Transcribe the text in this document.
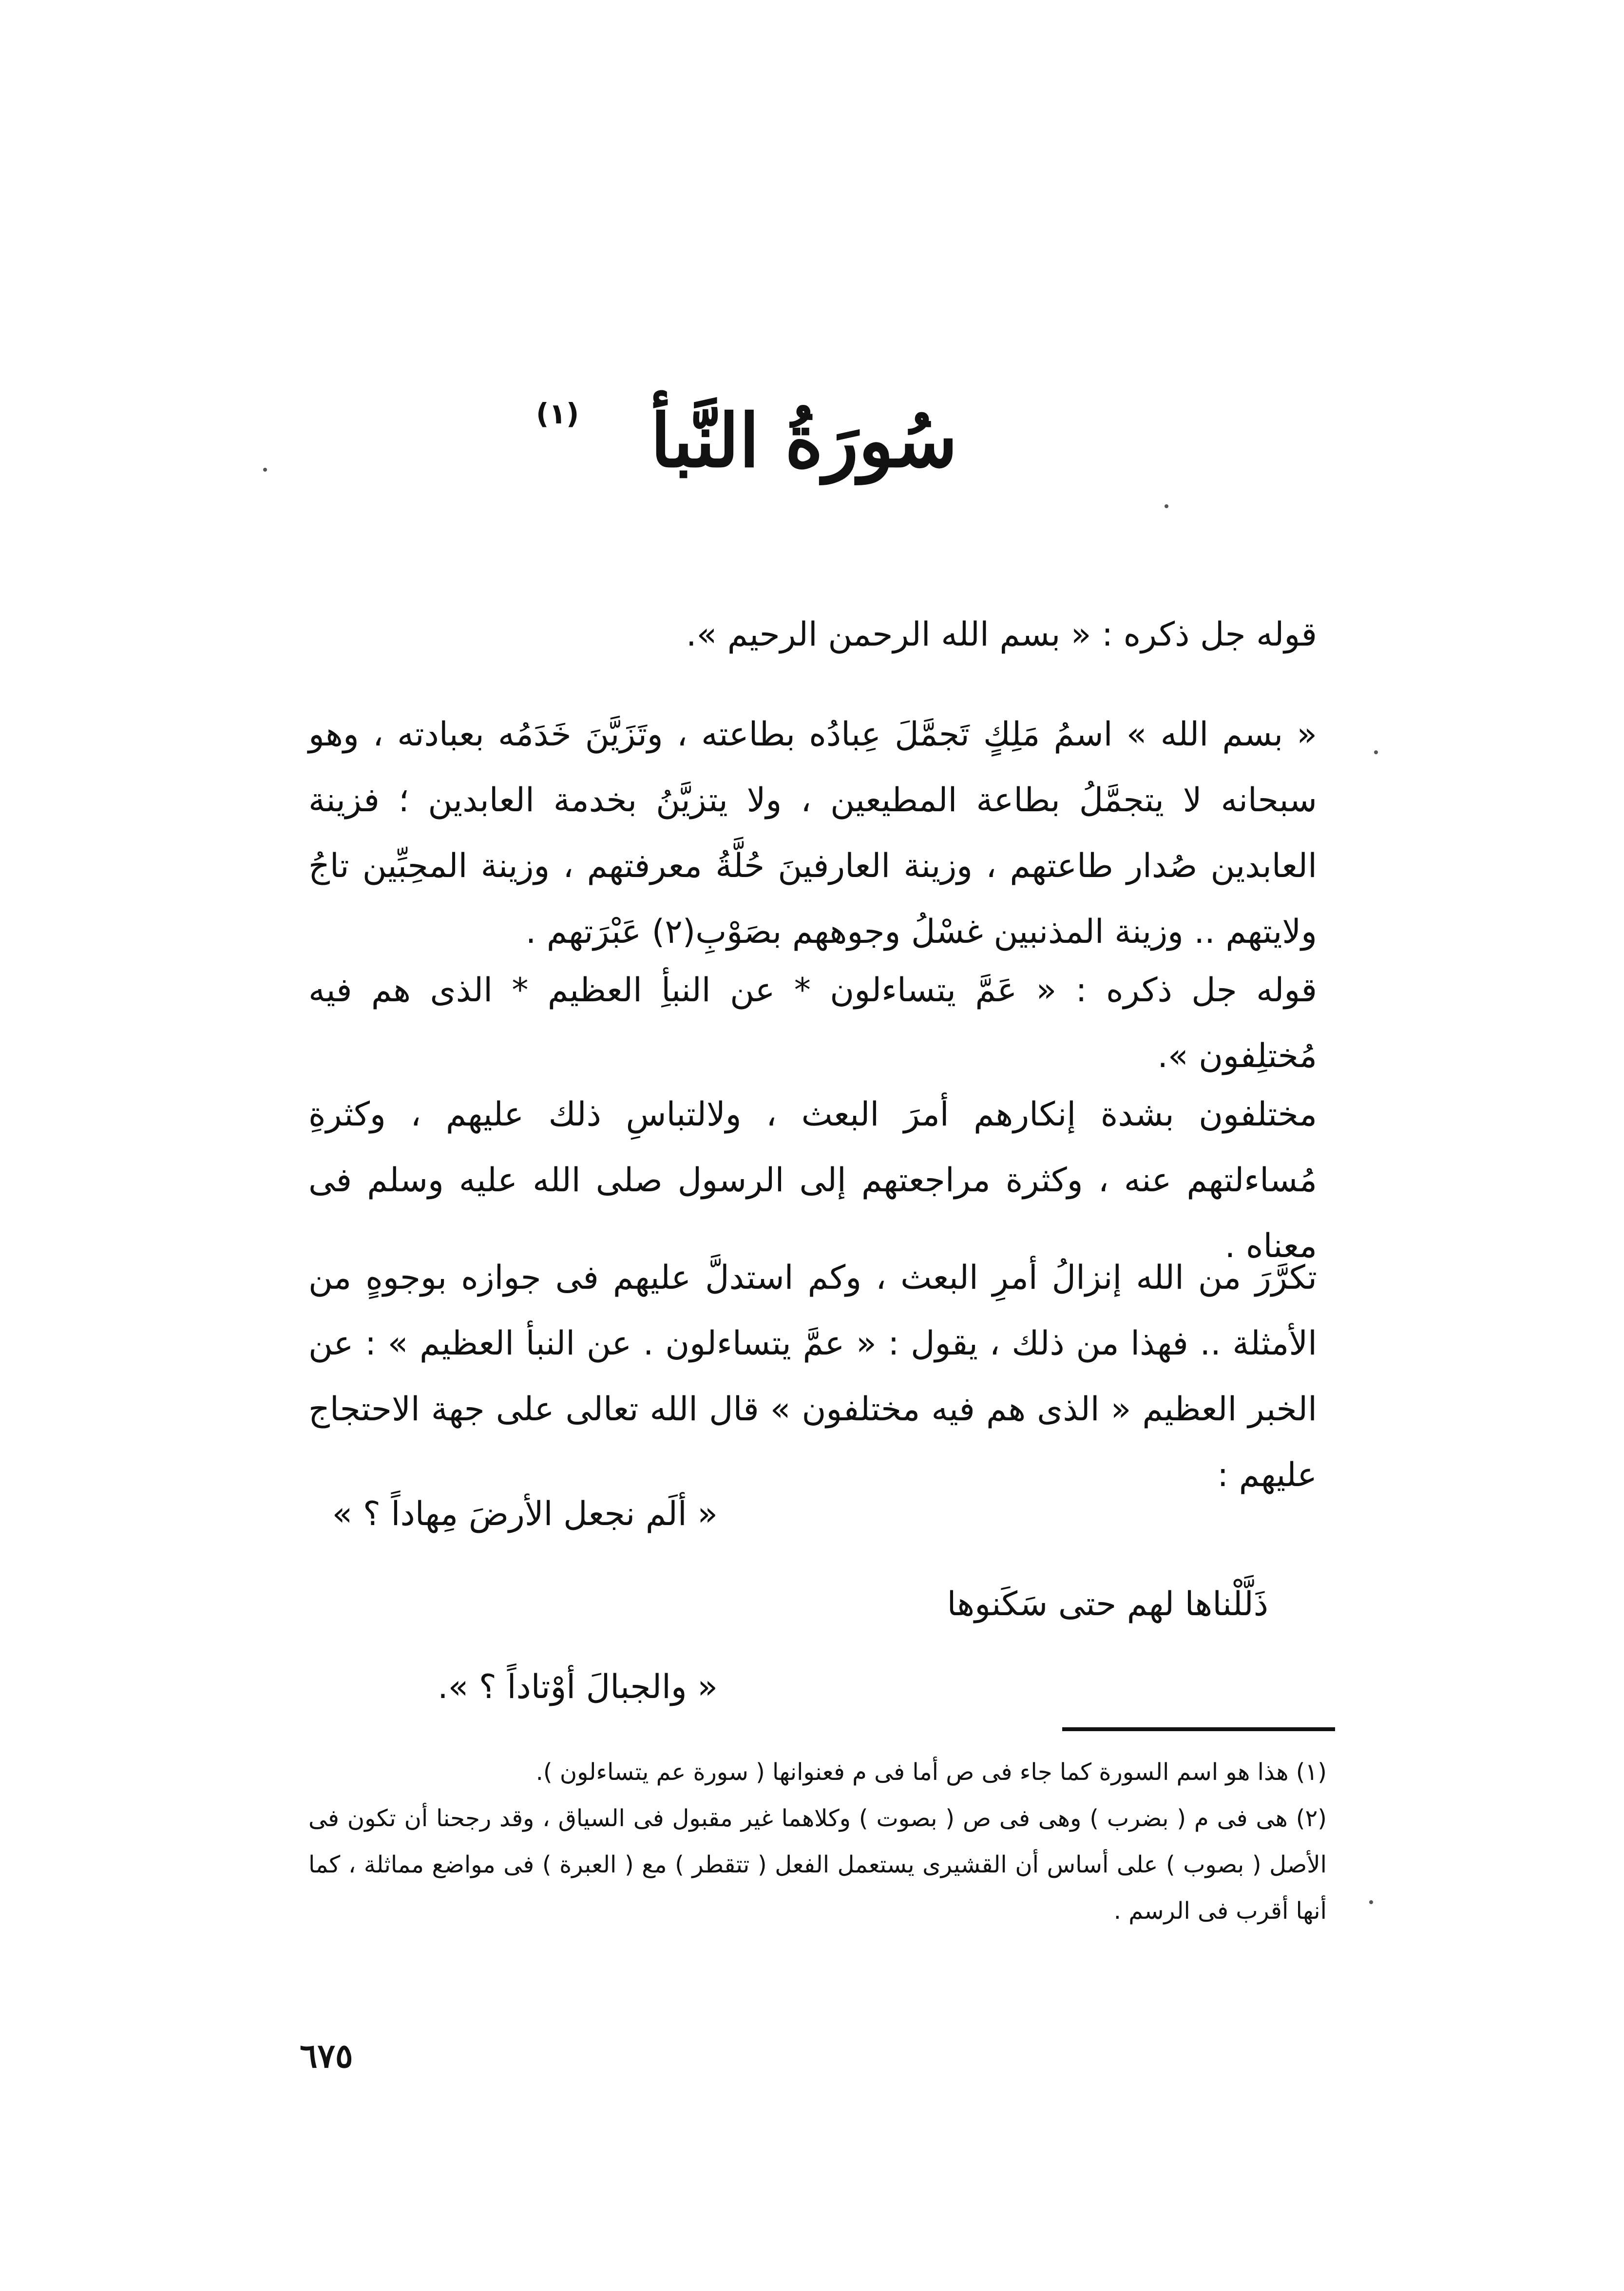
سُورَةُ النَّبأ
(١)
قوله جل ذكره : « بسم الله الرحمن الرحيم ».
« بسم الله » اسمُ مَلِكٍ تَجمَّلَ عِبادُه بطاعته ، وتَزَيَّنَ خَدَمُه بعبادته ، وهو سبحانه لا يتجمَّلُ بطاعة المطيعين ، ولا يتزيَّنُ بخدمة العابدين ؛ فزينة العابدين صُدار طاعتهم ، وزينة العارفينَ حُلَّةُ معرفتهم ، وزينة المحِبِّين تاجُ ولايتهم .. وزينة المذنبين غسْلُ وجوههم بصَوْبِ(٢) عَبْرَتهم .
قوله جل ذكره : « عَمَّ يتساءلون * عن النبأِ العظيم * الذى هم فيه مُختلِفون ».
مختلفون بشدة إنكارهم أمرَ البعث ، ولالتباسِ ذلك عليهم ، وكثرةِ مُساءلتهم عنه ، وكثرة مراجعتهم إلى الرسول صلى الله عليه وسلم فى معناه .
تكرَّرَ من الله إنزالُ أمرِ البعث ، وكم استدلَّ عليهم فى جوازه بوجوهٍ من الأمثلة .. فهذا من ذلك ، يقول : « عمَّ يتساءلون . عن النبأ العظيم » : عن الخبر العظيم « الذى هم فيه مختلفون » قال الله تعالى على جهة الاحتجاج عليهم :
« ألَم نجعل الأرضَ مِهاداً ؟ »
ذَلَّلْناها لهم حتى سَكَنوها
« والجبالَ أوْتاداً ؟ ».

(١) هذا هو اسم السورة كما جاء فى ص أما فى م فعنوانها ( سورة عم يتساءلون ).

(٢) هى فى م ( بضرب ) وهى فى ص ( بصوت ) وكلاهما غير مقبول فى السياق ، وقد رجحنا أن تكون فى الأصل ( بصوب ) على أساس أن القشيرى يستعمل الفعل ( تتقطر ) مع ( العبرة ) فى مواضع مماثلة ، كما أنها أقرب فى الرسم .

٦٧٥
